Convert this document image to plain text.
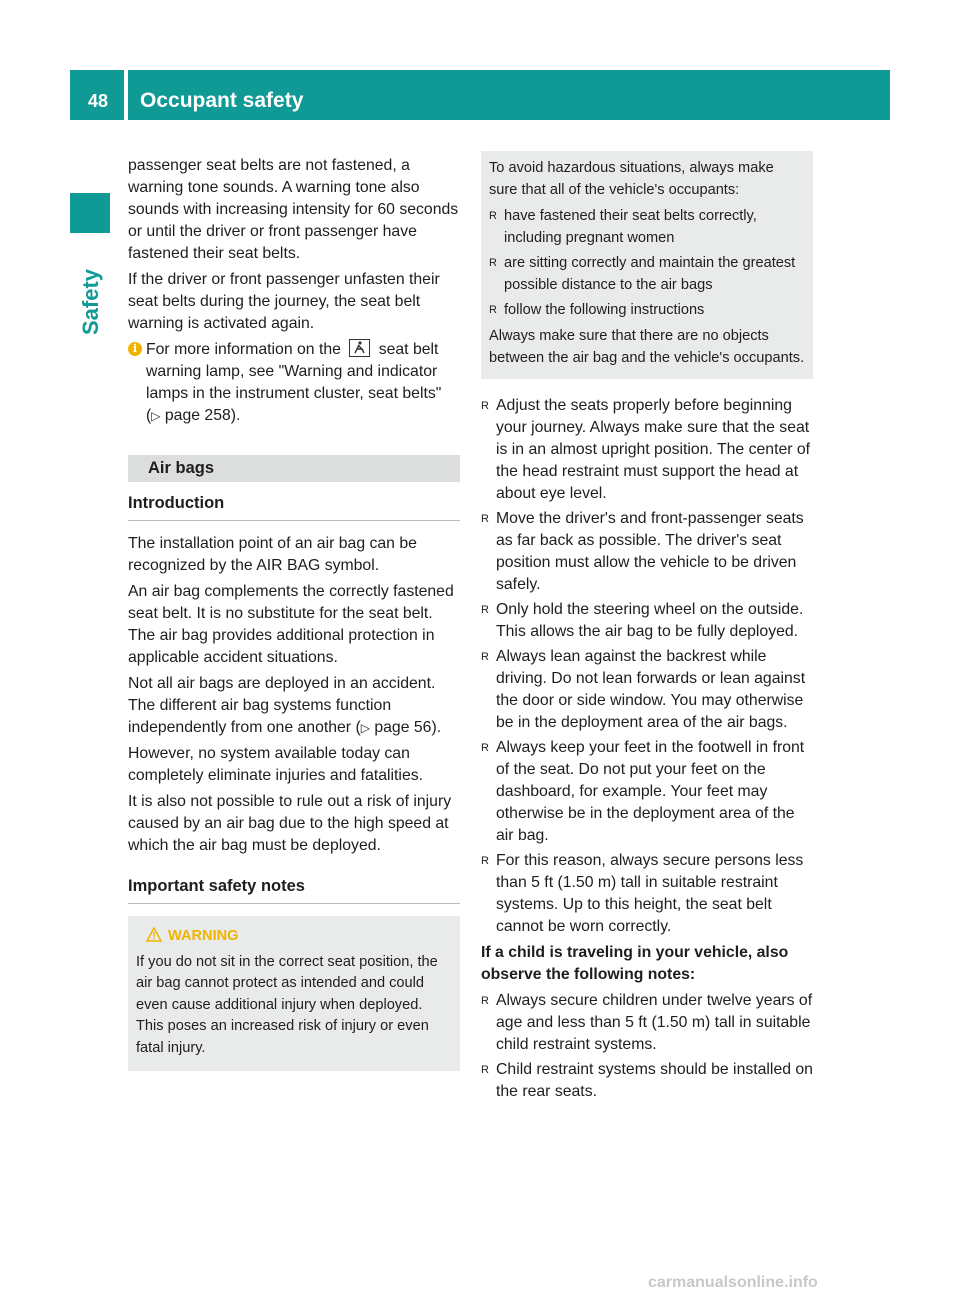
48 Occupant safety
Safety

passenger seat belts are not fastened, a warning tone sounds. A warning tone also sounds with increasing intensity for 60 seconds or until the driver or front passenger have fastened their seat belts.

If the driver or front passenger unfasten their seat belts during the journey, the seat belt warning is activated again.

i For more information on the seat belt warning lamp, see "Warning and indicator lamps in the instrument cluster, seat belts" (▷ page 258).

Air bags
Introduction

The installation point of an air bag can be recognized by the AIR BAG symbol.

An air bag complements the correctly fastened seat belt. It is no substitute for the seat belt. The air bag provides additional protection in applicable accident situations.

Not all air bags are deployed in an accident. The different air bag systems function independently from one another (▷ page 56).

However, no system available today can completely eliminate injuries and fatalities.

It is also not possible to rule out a risk of injury caused by an air bag due to the high speed at which the air bag must be deployed.

Important safety notes
WARNING

If you do not sit in the correct seat position, the air bag cannot protect as intended and could even cause additional injury when deployed. This poses an increased risk of injury or even fatal injury.

To avoid hazardous situations, always make sure that all of the vehicle's occupants:

R have fastened their seat belts correctly, including pregnant women
R are sitting correctly and maintain the greatest possible distance to the air bags
R follow the following instructions

Always make sure that there are no objects between the air bag and the vehicle's occupants.

R Adjust the seats properly before beginning your journey. Always make sure that the seat is in an almost upright position. The center of the head restraint must support the head at about eye level.
R Move the driver's and front-passenger seats as far back as possible. The driver's seat position must allow the vehicle to be driven safely.
R Only hold the steering wheel on the outside. This allows the air bag to be fully deployed.
R Always lean against the backrest while driving. Do not lean forwards or lean against the door or side window. You may otherwise be in the deployment area of the air bags.
R Always keep your feet in the footwell in front of the seat. Do not put your feet on the dashboard, for example. Your feet may otherwise be in the deployment area of the air bag.
R For this reason, always secure persons less than 5 ft (1.50 m) tall in suitable restraint systems. Up to this height, the seat belt cannot be worn correctly.

If a child is traveling in your vehicle, also observe the following notes:

R Always secure children under twelve years of age and less than 5 ft (1.50 m) tall in suitable child restraint systems.
R Child restraint systems should be installed on the rear seats.
carmanualsonline.info
